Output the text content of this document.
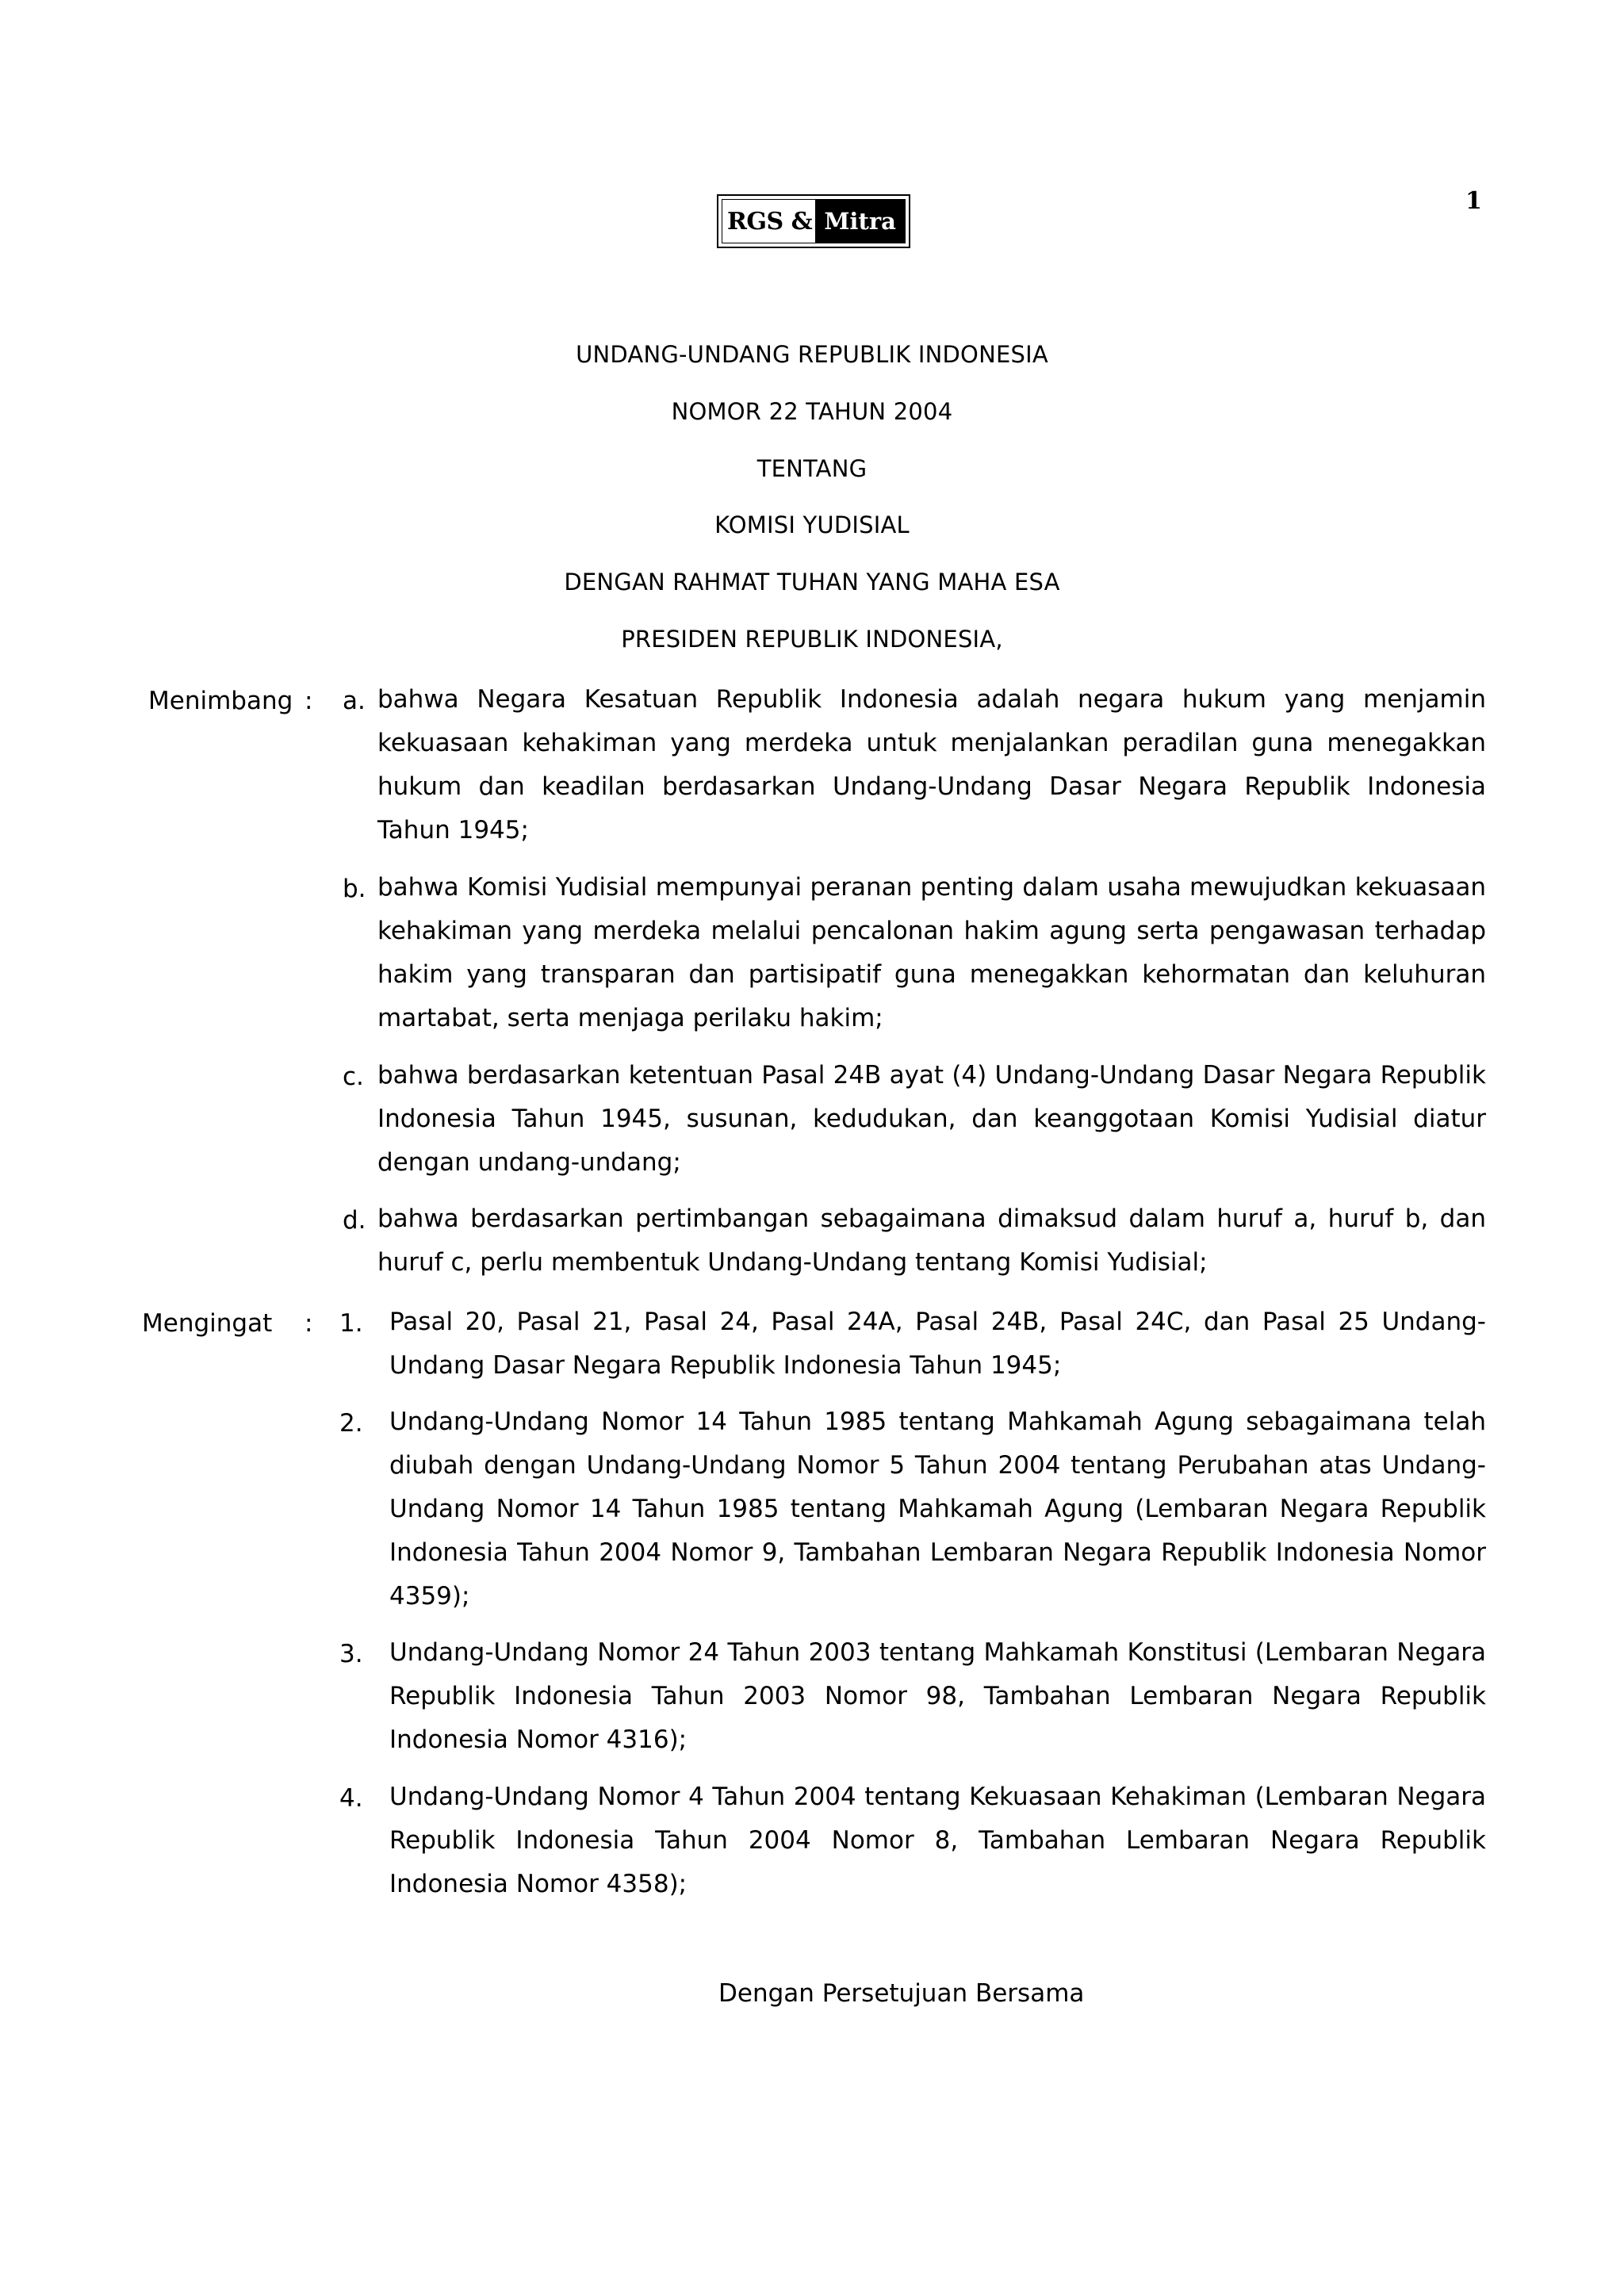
1
RGS & Mitra
UNDANG-UNDANG REPUBLIK INDONESIA
NOMOR 22 TAHUN 2004
TENTANG
KOMISI YUDISIAL
DENGAN RAHMAT TUHAN YANG MAHA ESA
PRESIDEN REPUBLIK INDONESIA,
Menimbang : a. bahwa Negara Kesatuan Republik Indonesia adalah negara hukum yang menjamin kekuasaan kehakiman yang merdeka untuk menjalankan peradilan guna menegakkan hukum dan keadilan berdasarkan Undang-Undang Dasar Negara Republik Indonesia Tahun 1945;
b. bahwa Komisi Yudisial mempunyai peranan penting dalam usaha mewujudkan kekuasaan kehakiman yang merdeka melalui pencalonan hakim agung serta pengawasan terhadap hakim yang transparan dan partisipatif guna menegakkan kehormatan dan keluhuran martabat, serta menjaga perilaku hakim;
c. bahwa berdasarkan ketentuan Pasal 24B ayat (4) Undang-Undang Dasar Negara Republik Indonesia Tahun 1945, susunan, kedudukan, dan keanggotaan Komisi Yudisial diatur dengan undang-undang;
d. bahwa berdasarkan pertimbangan sebagaimana dimaksud dalam huruf a, huruf b, dan huruf c, perlu membentuk Undang-Undang tentang Komisi Yudisial;
Mengingat : 1. Pasal 20, Pasal 21, Pasal 24, Pasal 24A, Pasal 24B, Pasal 24C, dan Pasal 25 Undang-Undang Dasar Negara Republik Indonesia Tahun 1945;
2. Undang-Undang Nomor 14 Tahun 1985 tentang Mahkamah Agung sebagaimana telah diubah dengan Undang-Undang Nomor 5 Tahun 2004 tentang Perubahan atas Undang-Undang Nomor 14 Tahun 1985 tentang Mahkamah Agung (Lembaran Negara Republik Indonesia Tahun 2004 Nomor 9, Tambahan Lembaran Negara Republik Indonesia Nomor 4359);
3. Undang-Undang Nomor 24 Tahun 2003 tentang Mahkamah Konstitusi (Lembaran Negara Republik Indonesia Tahun 2003 Nomor 98, Tambahan Lembaran Negara Republik Indonesia Nomor 4316);
4. Undang-Undang Nomor 4 Tahun 2004 tentang Kekuasaan Kehakiman (Lembaran Negara Republik Indonesia Tahun 2004 Nomor 8, Tambahan Lembaran Negara Republik Indonesia Nomor 4358);
Dengan Persetujuan Bersama
